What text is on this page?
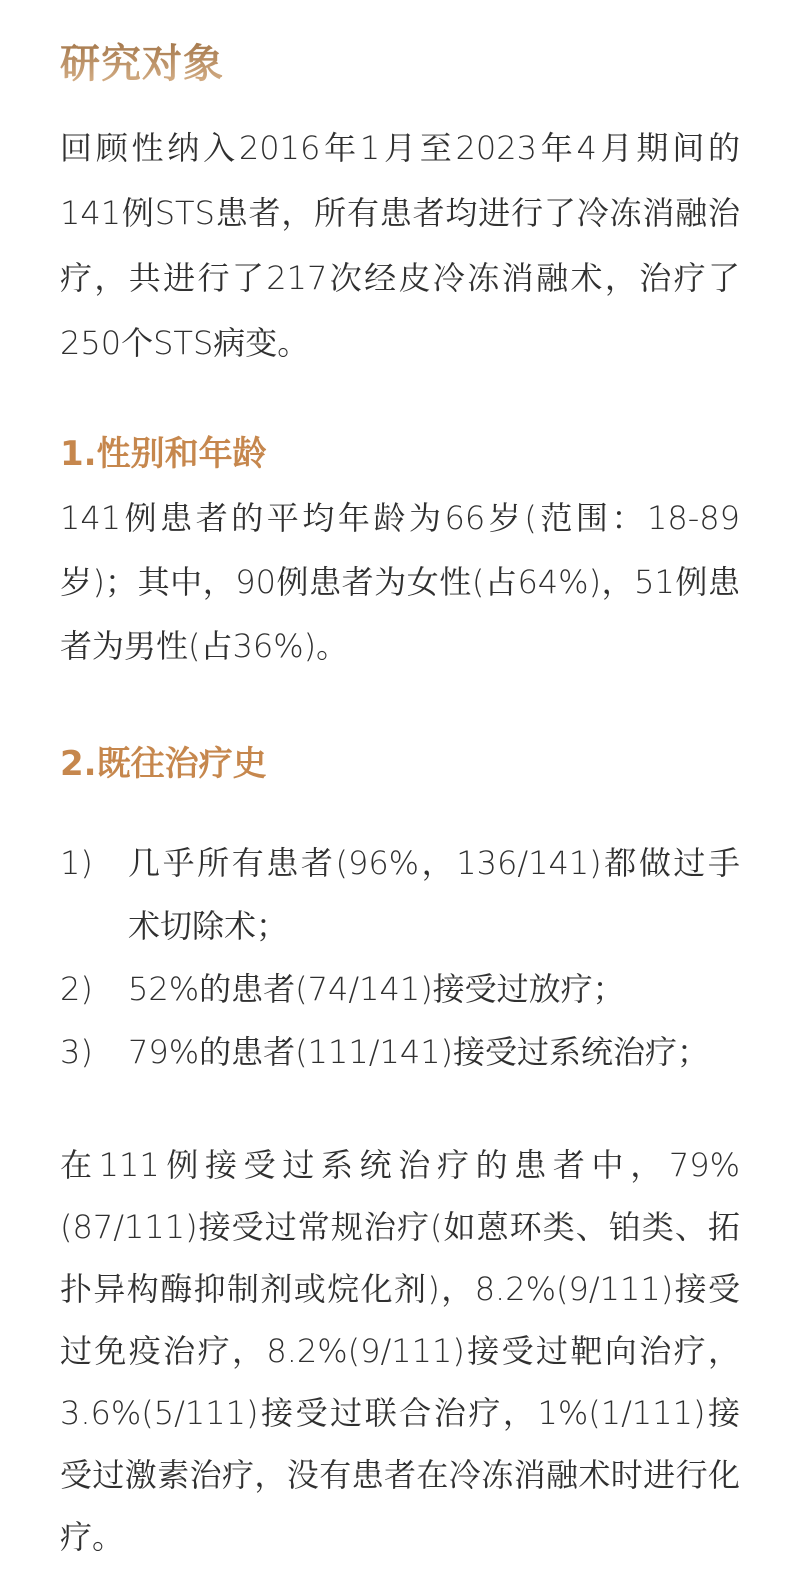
研究对象

回顾性纳入2016年1月至2023年4月期间的141例STS患者，所有患者均进行了冷冻消融治疗，共进行了217次经皮冷冻消融术，治疗了250个STS病变。

1.性别和年龄

141例患者的平均年龄为66岁(范围：18-89岁)；其中，90例患者为女性(占64%)，51例患者为男性(占36%)。

2.既往治疗史
1)	几乎所有患者(96%，136/141)都做过手术切除术；
2)	52%的患者(74/141)接受过放疗；
3)	79%的患者(111/141)接受过系统治疗；

在111例接受过系统治疗的患者中，79%(87/111)接受过常规治疗(如蒽环类、铂类、拓扑异构酶抑制剂或烷化剂)，8.2%(9/111)接受过免疫治疗，8.2%(9/111)接受过靶向治疗，3.6%(5/111)接受过联合治疗，1%(1/111)接受过激素治疗，没有患者在冷冻消融术时进行化疗。
